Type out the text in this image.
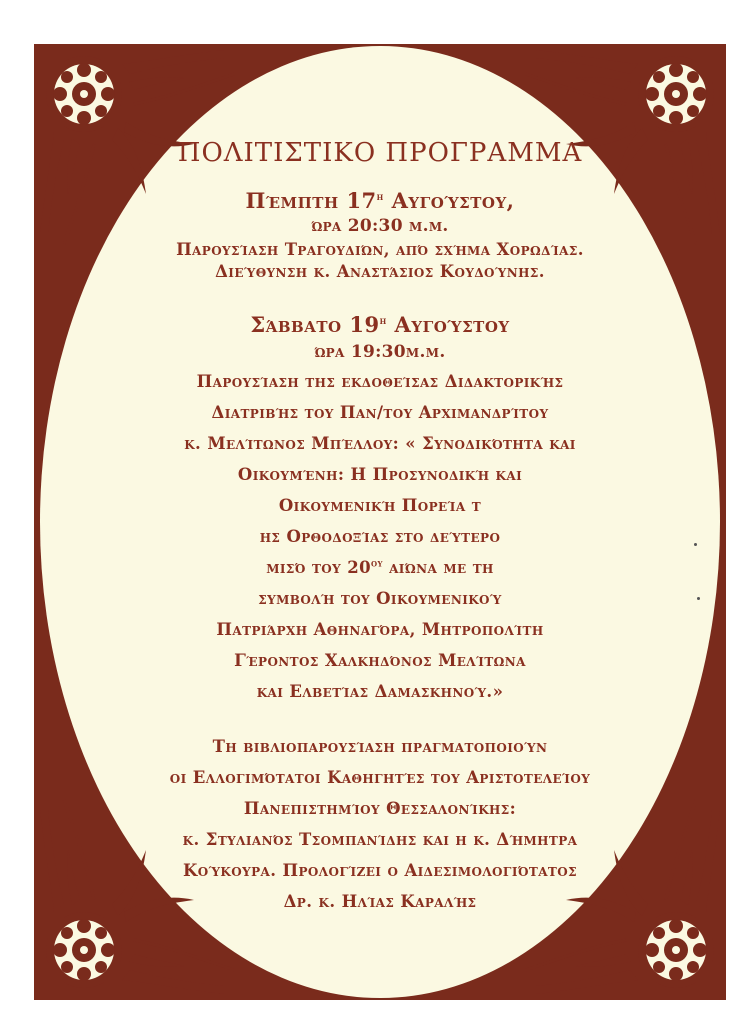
ΠΟΛΙΤΙΣΤΙΚΟ ΠΡΟΓΡΑΜΜΑ
Πέμπτη $17^\eta$ Αυγούστου,
ώρα 20:30 μ.μ.
Παρουσίαση Τραγουδιών, από σχήμα Χορωδίας.
Διεύθυνση κ. Αναστάσιος Κουδούνης.
Σάββατο $19^\eta$ Αυγούστου
ώρα 19:30μ.μ.
Παρουσίαση της εκδοθείσας Διδακτορικής
Διατριβής του Παν/του Αρχιμανδρίτου
κ. Μελίτωνος Μπέλλου: « Συνοδικότητα και
Οικουμένη: Η Προσυνοδική και
Οικουμενική Πορεία τ
ης Ορθοδοξίας στο δεύτερο
μισό του $20^{o\upsilon}$ αιώνα με τη
συμβολή του Οικουμενικού
Πατριάρχη Αθηναγόρα, Μητροπολίτη
Γέροντος Χαλκηδόνος Μελίτωνα
και Ελβετίας Δαμασκηνού.»
Τη βιβλιοπαρουσίαση πραγματοποιούν
οι Ελλογιμότατοι Καθηγητές του Αριστοτελείου
Πανεπιστημίου Θεσσαλονίκης:
κ. Στυλιανός Τσομπανίδης και η κ. Δήμητρα
Κούκουρα. Προλογίζει ο Αιδεσιμολογιότατος
Δρ. κ. Ηλίας Καραλής
